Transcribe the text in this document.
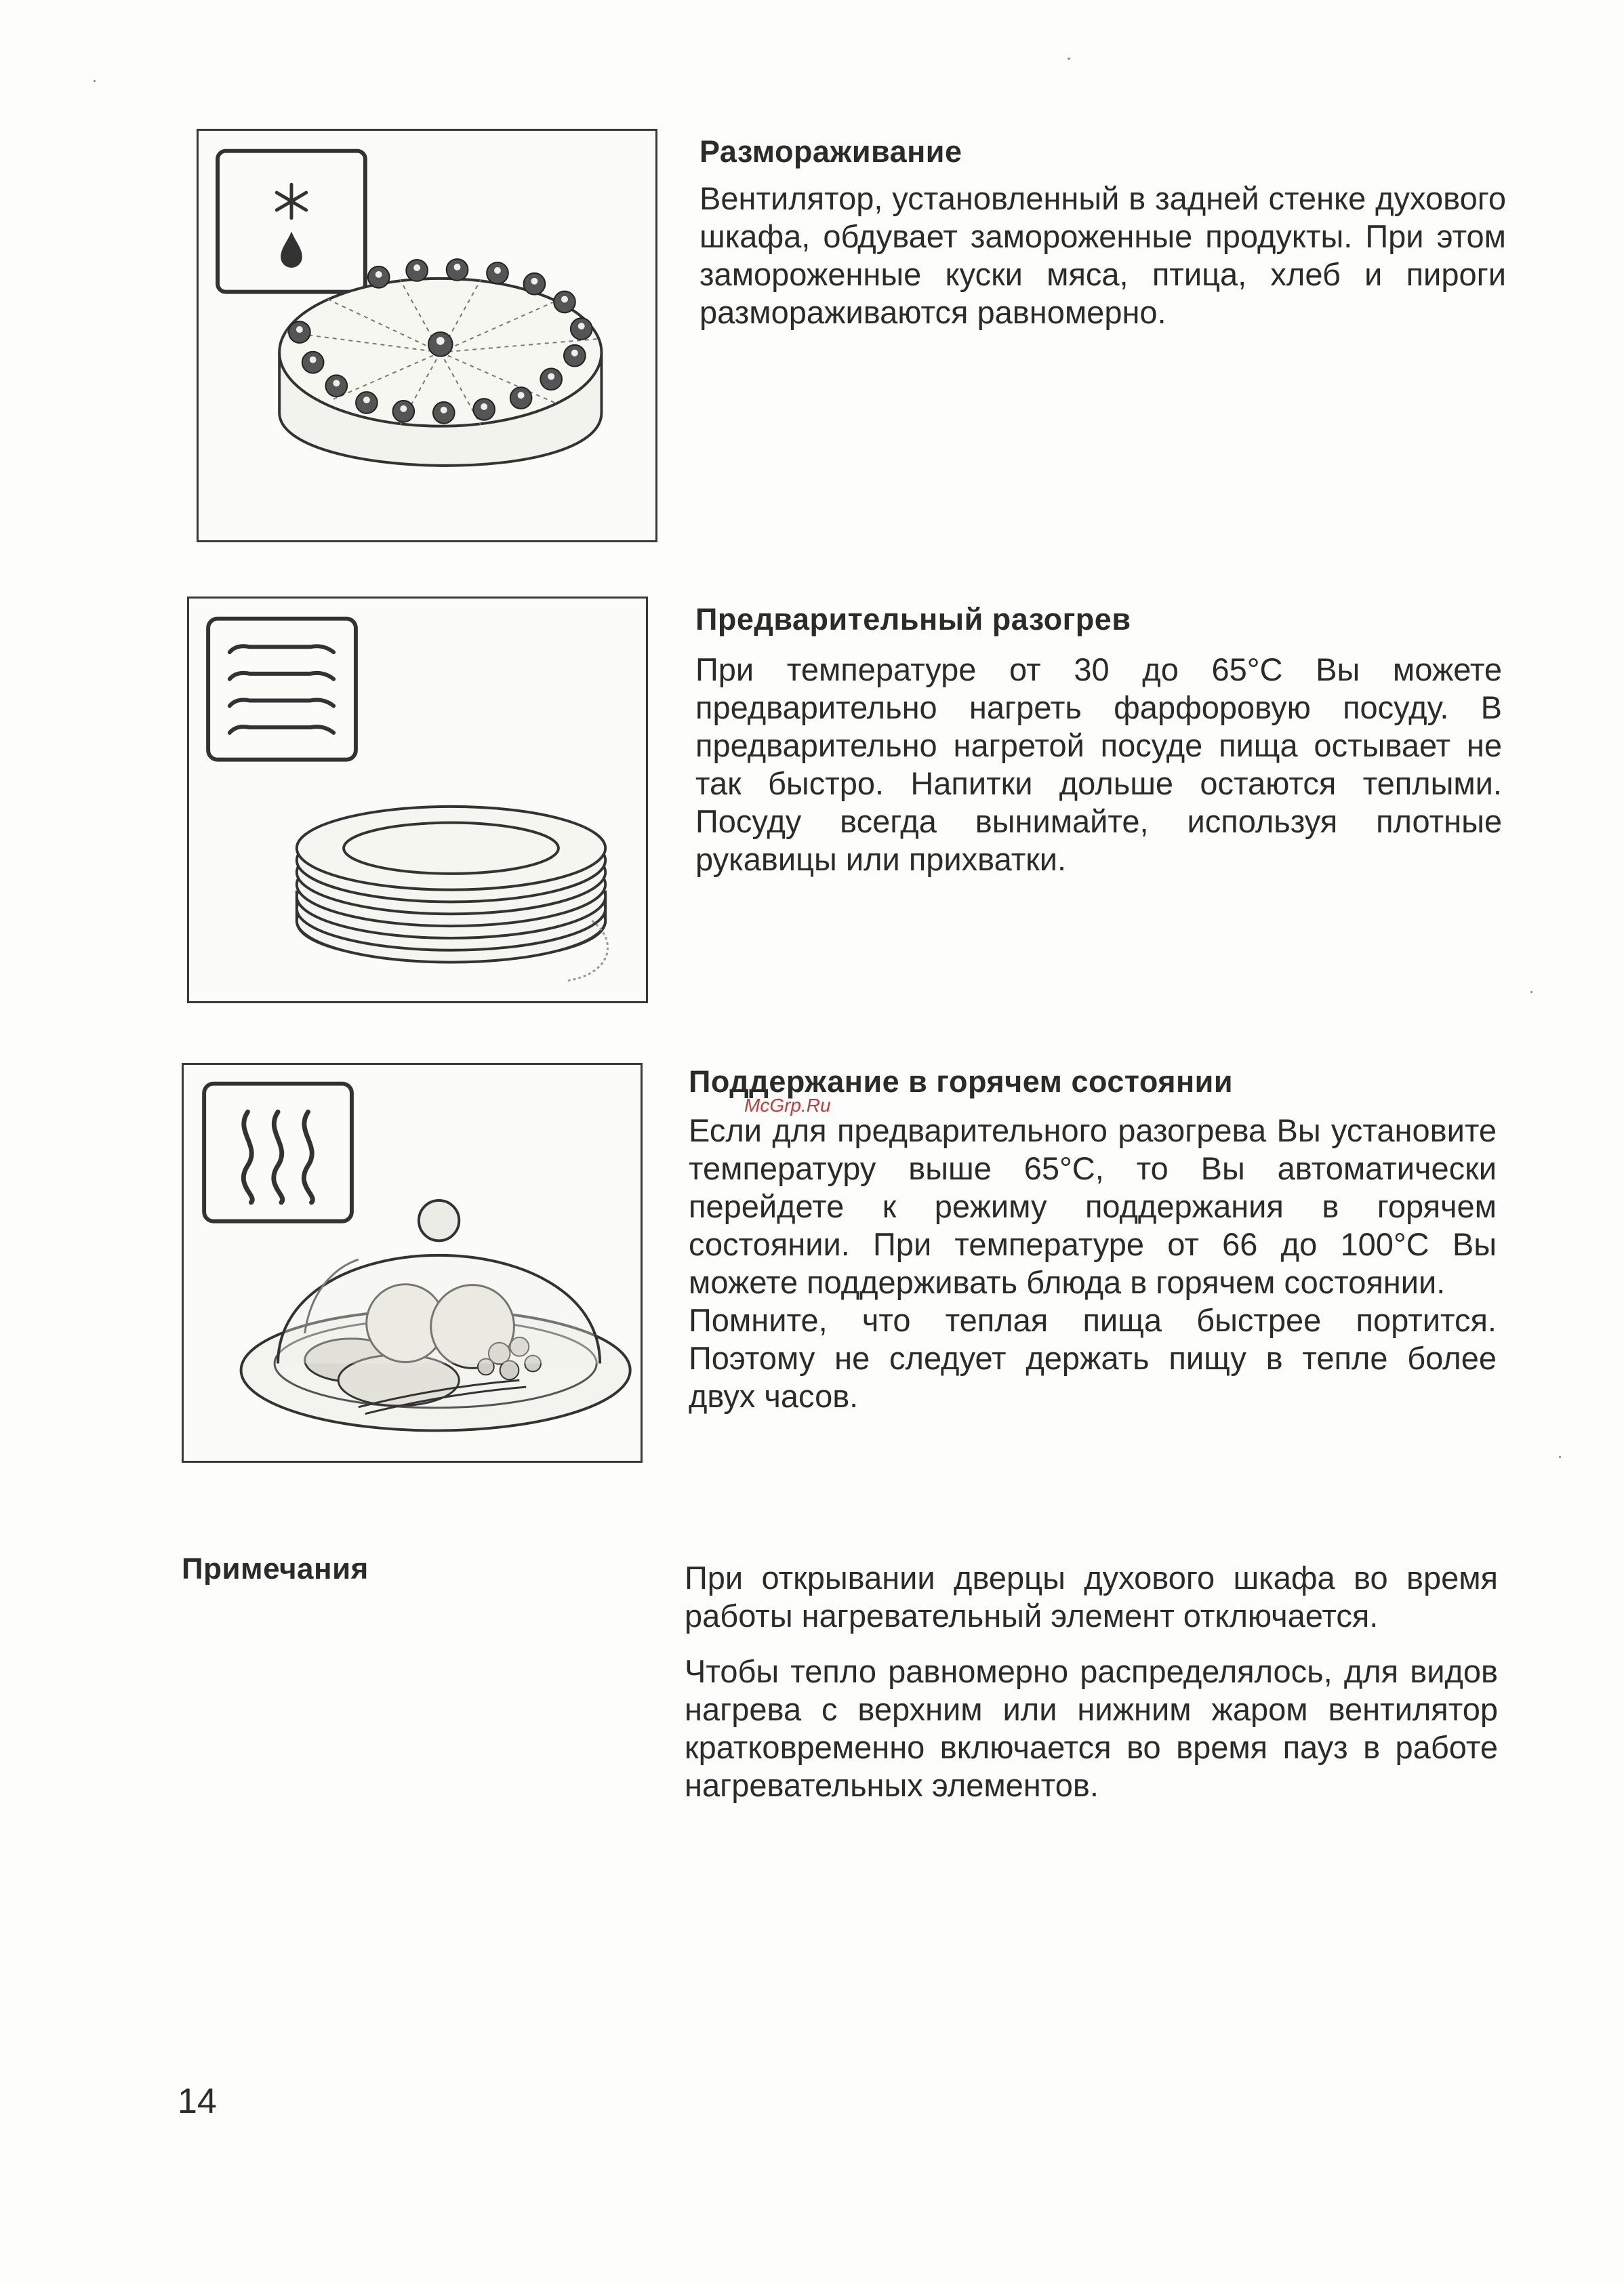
Размораживание

Вентилятор, установленный в задней стенке духового шкафа, обдувает замороженные продукты. При этом замороженные куски мяса, птица, хлеб и пироги размораживаются равномерно.

Предварительный разогрев

При температуре от 30 до 65°C Вы можете предварительно нагреть фарфоровую посуду. В предварительно нагретой посуде пища остывает не так быстро. Напитки дольше остаются теплыми. Посуду всегда вынимайте, используя плотные рукавицы или прихватки.

Поддержание в горячем состоянии

Если для предварительного разогрева Вы установите температуру выше 65°C, то Вы автоматически перейдете к режиму поддержания в горячем состоянии. При температуре от 66 до 100°C Вы можете поддерживать блюда в горячем состоянии.

Помните, что теплая пища быстрее портится. Поэтому не следует держать пищу в тепле более двух часов.

McGrp.Ru
Примечания	При открывании дверцы духового шкафа во время работы нагревательный элемент отключается.

Чтобы тепло равномерно распределялось, для видов нагрева с верхним или нижним жаром вентилятор кратковременно включается во время пауз в работе нагревательных элементов.

14
